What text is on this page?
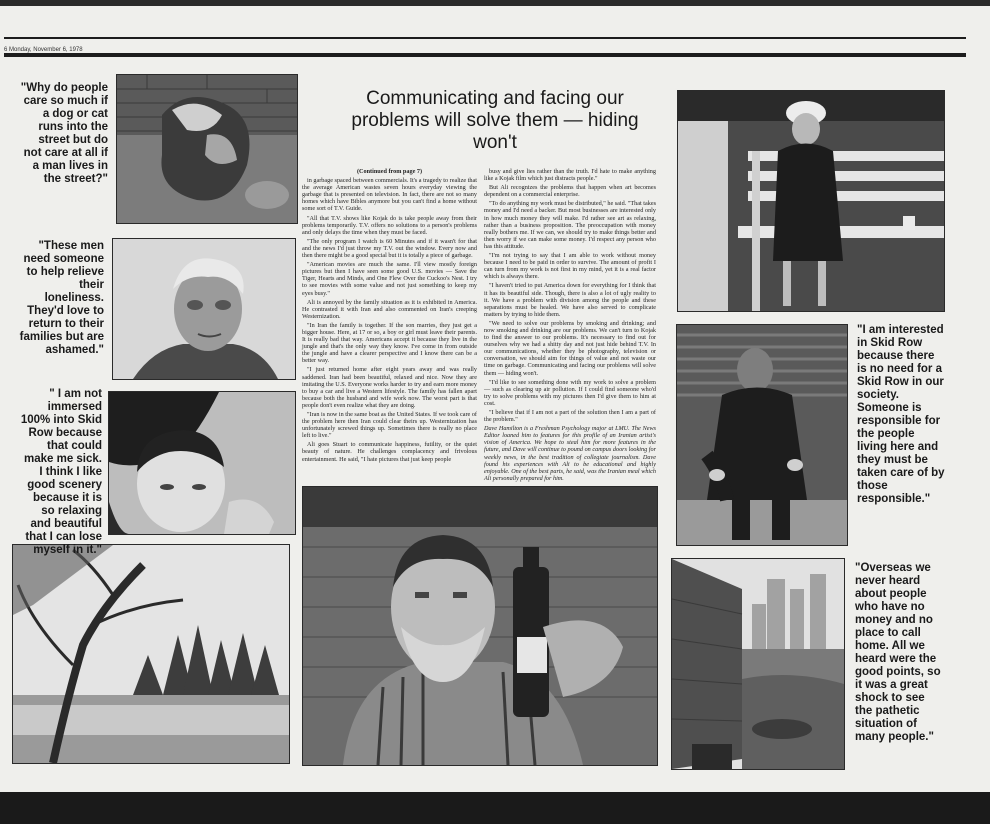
6 Monday, November 6, 1978
"Why do people care so much if a dog or cat runs into the street but do not care at all if a man lives in the street?"
"These men need someone to help relieve their loneliness. They'd love to return to their families but are ashamed."
" I am not immersed 100% into Skid Row because that could make me sick. I think I like good scenery because it is so relaxing and beautiful that I can lose myself in it."
"I am interested in Skid Row because there is no need for a Skid Row in our society. Someone is responsible for the people living here and they must be taken care of by those responsible."
"Overseas we never heard about people who have no money and no place to call home. All we heard were the good points, so it was a great shock to see the pathetic situation of many people."
Communicating and facing our problems will solve them — hiding won't

(Continued from page 7)

in garbage spaced between commercials. It's a tragedy to realize that the average American wastes seven hours everyday viewing the garbage that is presented on television. In fact, there are not so many homes which have Bibles anymore but you can't find a home without some sort of T.V. Guide.

"All that T.V. shows like Kojak do is take people away from their problems temporarily. T.V. offers no solutions to a person's problems and only delays the time when they must be faced.

"The only program I watch is 60 Minutes and if it wasn't for that and the news I'd just throw my T.V. out the window. Every now and then there might be a good special but it is totally a piece of garbage.

"American movies are much the same. I'll view mostly foreign pictures but then I have seen some good U.S. movies — Save the Tiger, Hearts and Minds, and One Flew Over the Cuckoo's Nest. I try to see movies with some value and not just something to keep my eyes busy."

Ali is annoyed by the family situation as it is exhibited in America. He contrasted it with Iran and also commented on Iran's creeping Westernization.

"In Iran the family is together. If the son marries, they just get a bigger house. Here, at 17 or so, a boy or girl must leave their parents. It is really bad that way. Americans accept it because they live in the jungle and that's the only way they know. I've come in from outside the jungle and have a clearer perspective and I know there can be a better way.

"I just returned home after eight years away and was really saddened. Iran had been beautiful, relaxed and nice. Now they are imitating the U.S. Everyone works harder to try and earn more money to buy a car and live a Western lifestyle. The family has fallen apart because both the husband and wife work now. The worst part is that people don't even realize what they are doing.

"Iran is now in the same boat as the United States. If we took care of the problem here then Iran could clear theirs up. Westernization has unfortunately screwed things up. Sometimes there is really no place left to live."

Ali goes Stuart to communicate happiness, futility, or the quiet beauty of nature. He challenges complacency and frivolous entertainment. He said, "I hate pictures that just keep people

busy and give lies rather than the truth. I'd hate to make anything like a Kojak film which just distracts people."

But Ali recognizes the problems that happen when art becomes dependent on a commercial enterprise.

"To do anything my work must be distributed," he said. "That takes money and I'd need a backer. But most businesses are interested only in how much money they will make. I'd rather see art as relaxing, rather than a business proposition. The preoccupation with money really bothers me. If we can, we should try to make things better and then worry if we can make some money. I'd respect any person who has this attitude.

"I'm not trying to say that I am able to work without money because I need to be paid in order to survive. The amount of profit I can turn from my work is not first in my mind, yet it is a real factor which is always there.

"I haven't tried to put America down for everything for I think that it has its beautiful side. Though, there is also a lot of ugly reality to it. We have a problem with division among the people and these separations must be healed. We have also served to complicate matters by trying to hide them.

"We need to solve our problems by smoking and drinking; and now smoking and drinking are our problems. We can't turn to Kojak to find the answer to our problems. It's necessary to find out for ourselves why we had a shitty day and not just hide behind T.V. In our communications, whether they be photography, television or conversation, we should aim for things of value and not waste our time on garbage. Communicating and facing our problems will solve them — hiding won't.

"I'd like to see something done with my work to solve a problem — such as clearing up air pollution. If I could find someone who'd try to solve problems with my pictures then I'd give them to him at cost.

"I believe that if I am not a part of the solution then I am a part of the problem."

Dave Hamilton is a Freshman Psychology major at LMU. The News Editor loaned him to features for this profile of an Iranian artist's vision of America. We hope to steal him for more features in the future, and Dave will continue to pound on campus doors looking for weekly news, in the best tradition of collegiate journalism. Dave found his experiences with Ali to be educational and highly enjoyable. One of the best parts, he said, was the Iranian meal which Ali personally prepared for him.
